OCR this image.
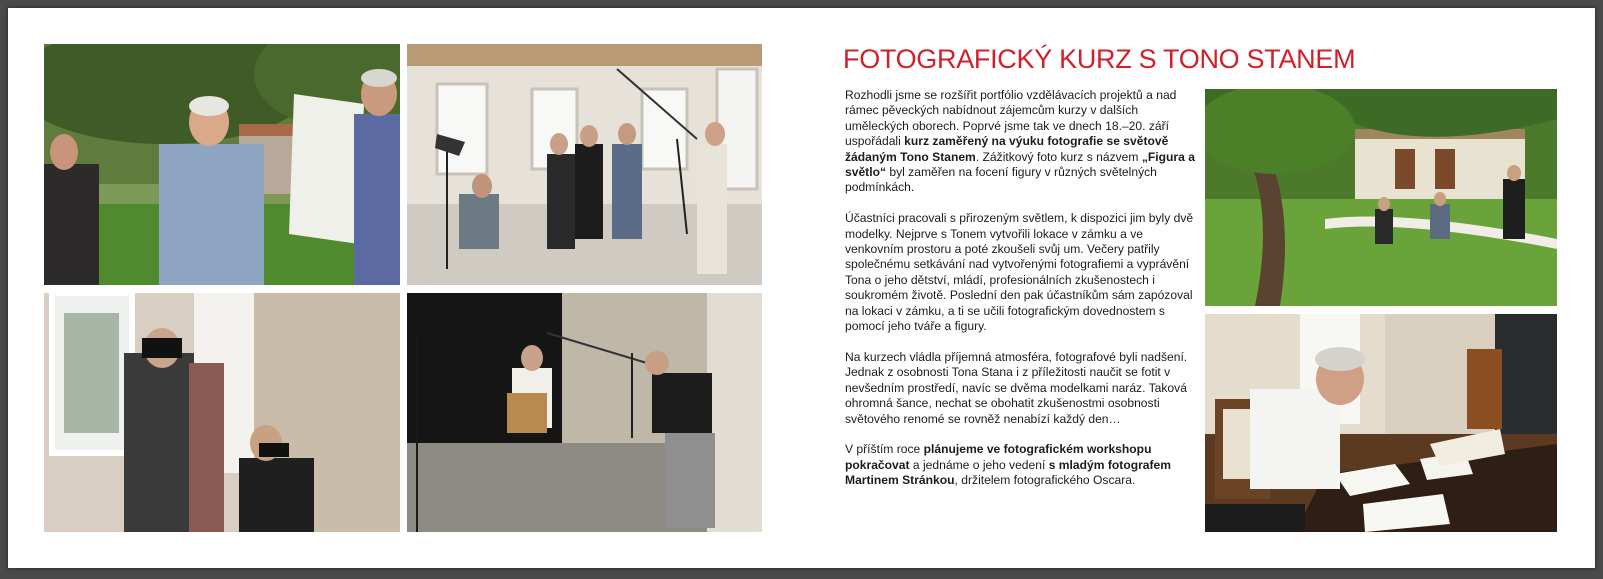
FOTOGRAFICKÝ KURZ S TONO STANEM

Rozhodli jsme se rozšířit portfólio vzdělávacích projektů a nad rámec pěveckých nabídnout zájemcům kurzy v dalších uměleckých oborech. Poprvé jsme tak ve dnech 18.–20. září uspořádali kurz zaměřený na výuku fotografie se světově žádaným Tono Stanem. Zážitkový foto kurz s názvem „Figura a světlo“ byl zaměřen na focení figury v různých světelných podmínkách.

Účastníci pracovali s přirozeným světlem, k dispozici jim byly dvě modelky. Nejprve s Tonem vytvořili lokace v zámku a ve venkovním prostoru a poté zkoušeli svůj um. Večery patřily společnému setkávání nad vytvořenými fotografiemi a vyprávění Tona o jeho dětství, mládí, profesionálních zkušenostech i soukromém životě. Poslední den pak účastníkům sám zapózoval na lokaci v zámku, a ti se učili fotografickým dovednostem s pomocí jeho tváře a figury.

Na kurzech vládla příjemná atmosféra, fotografové byli nadšení. Jednak z osobnosti Tona Stana i z příležitosti naučit se fotit v nevšedním prostředí, navíc se dvěma modelkami naráz. Taková ohromná šance, nechat se obohatit zkušenostmi osobnosti světového renomé se rovněž nenabízí každý den…

V příštím roce plánujeme ve fotografickém workshopu pokračovat a jednáme o jeho vedení s mladým fotografem Martinem Stránkou, držitelem fotografického Oscara.
